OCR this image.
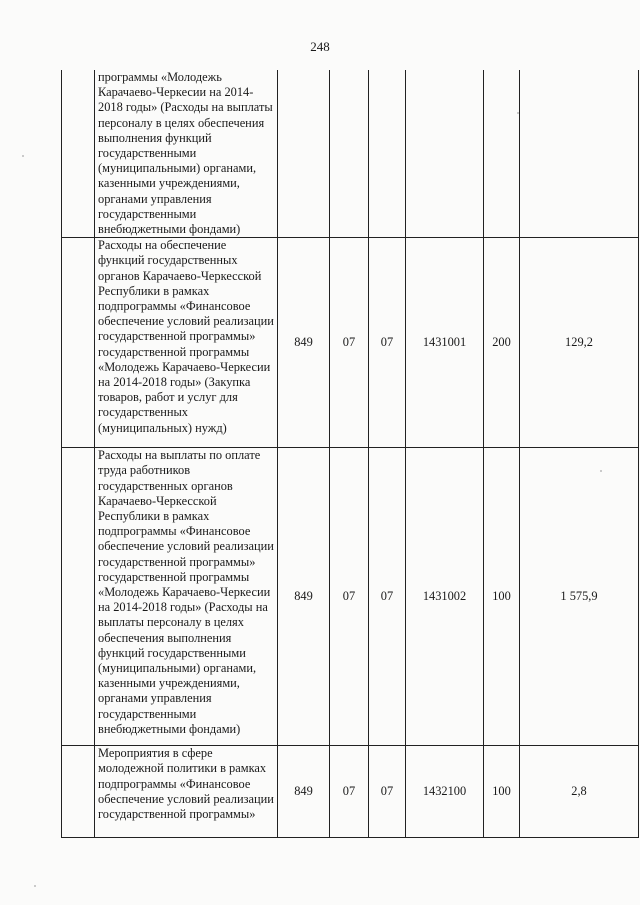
248

	программы «Молодежь Карачаево-Черкесии на 2014-2018 годы» (Расходы на выплаты персоналу в целях обеспечения выполнения функций государственными (муниципальными) органами, казенными учреждениями, органами управления государственными внебюджетными фондами)						

	Расходы на обеспечение функций государственных органов Карачаево-Черкесской Республики в рамках подпрограммы «Финансовое обеспечение условий реализации государственной программы» государственной программы «Молодежь Карачаево-Черкесии на 2014-2018 годы» (Закупка товаров, работ и услуг для государственных (муниципальных) нужд)	849	07	07	1431001	200	129,2

	Расходы на выплаты по оплате труда работников государственных органов Карачаево-Черкесской Республики в рамках подпрограммы «Финансовое обеспечение условий реализации государственной программы» государственной программы «Молодежь Карачаево-Черкесии на 2014-2018 годы» (Расходы на выплаты персоналу в целях обеспечения выполнения функций государственными (муниципальными) органами, казенными учреждениями, органами управления государственными внебюджетными фондами)	849	07	07	1431002	100	1 575,9

	Мероприятия в сфере молодежной политики в рамках подпрограммы «Финансовое обеспечение условий реализации государственной программы»	849	07	07	1432100	100	2,8
